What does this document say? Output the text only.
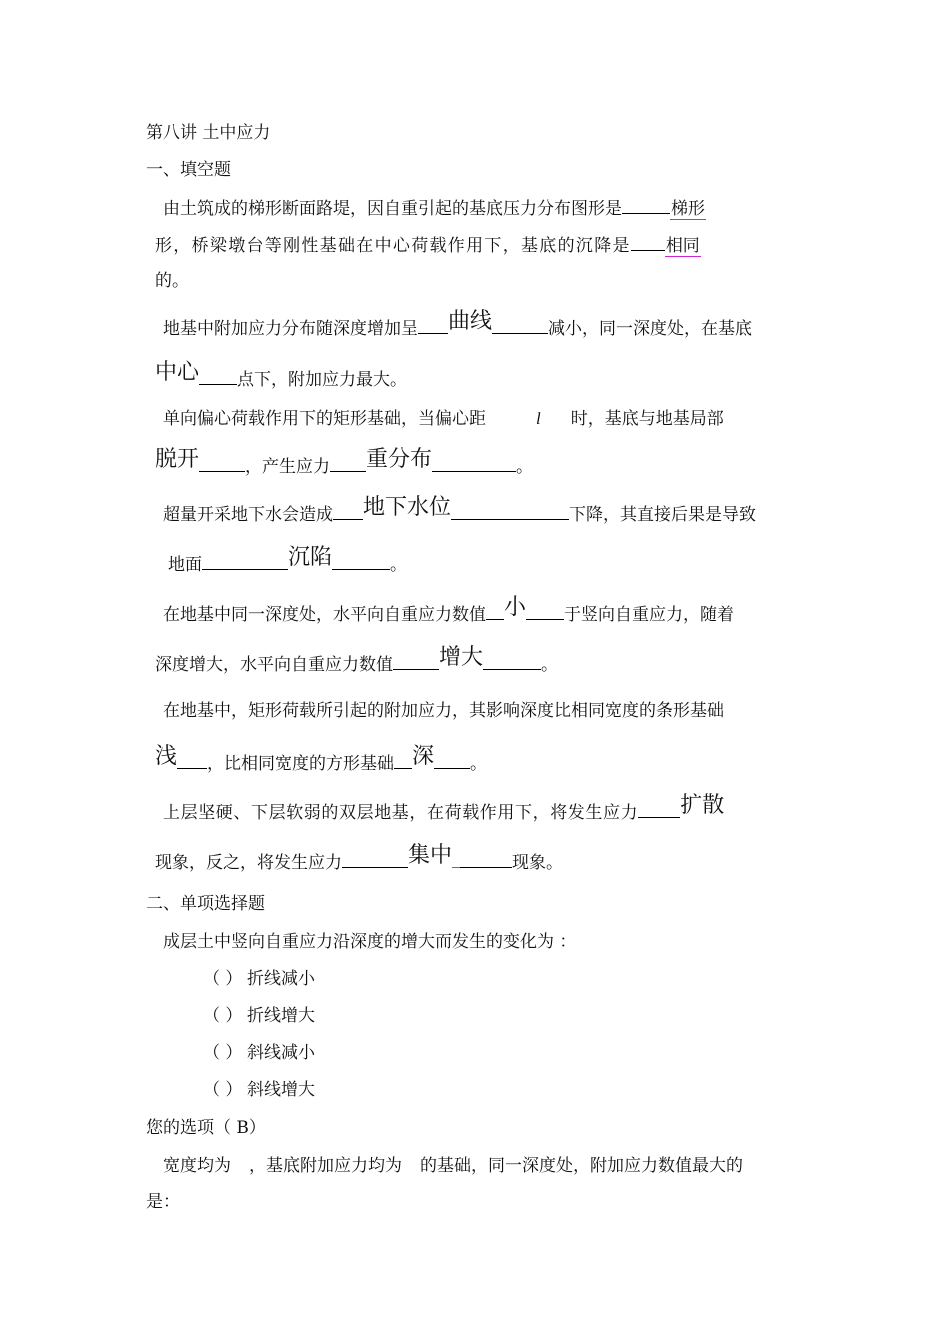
第八讲 土中应力
一、填空题
由土筑成的梯形断面路堤，因自重引起的基底压力分布图形是	梯形
形，桥梁墩台等刚性基础在中心荷载作用下，基底的沉降是 相同
的。
地基中附加应力分布随深度增加呈 曲线	减小，同一深度处，在基底
中心 点下，附加应力最大。
单向偏心荷载作用下的矩形基础，当偏心距	l 时，基底与地基局部
脱开	，产生应力 重分布	。
超量开采地下水会造成 地下水位	下降，其直接后果是导致
地面	沉陷	。
在地基中同一深度处，水平向自重应力数值 小 于竖向自重应力，随着
深度增大，水平向自重应力数值 增大	。
在地基中，矩形荷载所引起的附加应力，其影响深度比相同宽度的条形基础
浅 ，比相同宽度的方形基础 深 。
上层坚硬、下层软弱的双层地基，在荷载作用下，将发生应力 扩散
现象，反之，将发生应力	集中	现象。
二、单项选择题
成层土中竖向自重应力沿深度的增大而发生的变化为 ：
（ ） 折线减小
（ ） 折线增大
（ ） 斜线减小
（ ） 斜线增大
您的选项（ B）
宽度均为 ，基底附加应力均为 的基础，同一深度处，附加应力数值最大的
是：
